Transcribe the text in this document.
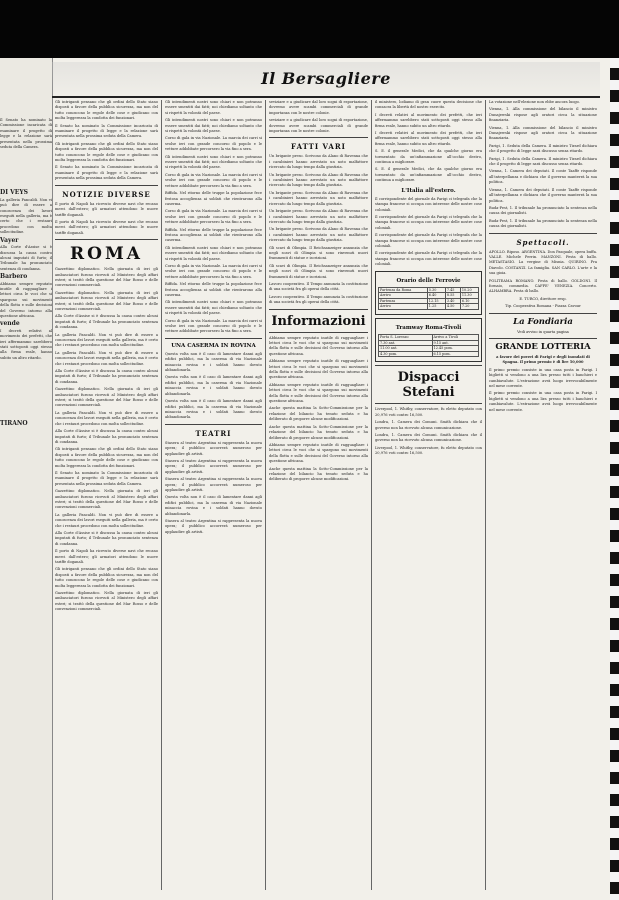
Il Senato ha nominato la Commissione incaricata di esaminare il progetto di legge e la relazione sarà presentata nella prossima seduta della Camera.

DI VEYS

La galleria Pancaldi. Non vi può dire di essere a conoscenza dei lavori eseguiti nella galleria, ma è certo che i restauri procedono con molta sollecitudine.

Vayer

Alla Corte d'Assise si è discussa la causa contro alcuni imputati di furto; il Tribunale ha pronunciato sentenza di condanna.

Barbero

Abbiamo sempre reputato inutile di ragguagliare i lettori circa le voci che si spargono sui movimenti della flotta e sulle decisioni del Governo intorno alla questione africana.

vende

I decreti relativi al movimento dei prefetti, che ieri affermammo sarebbero stati sottoposti oggi stesso alla firma reale, hanno subito un altro ritardo.

TIRANO

Il Bersagliere

Gli intriganti pensano che gli ordini dello Stato siano disposti a favore della pubblica sicurezza, ma non del tutto conoscono le regole delle cose e giudicano con molta leggerezza la condotta dei funzionari.

Il Senato ha nominato la Commissione incaricata di esaminare il progetto di legge e la relazione sarà presentata nella prossima seduta della Camera.

Gli intriganti pensano che gli ordini dello Stato siano disposti a favore della pubblica sicurezza, ma non del tutto conoscono le regole delle cose e giudicano con molta leggerezza la condotta dei funzionari.

Il Senato ha nominato la Commissione incaricata di esaminare il progetto di legge e la relazione sarà presentata nella prossima seduta della Camera.

NOTIZIE DIVERSE

Il porto di Napoli ha ricevuto diverse navi che recano merci dall'estero; gli armatori attendono le nuove tariffe doganali.

Il porto di Napoli ha ricevuto diverse navi che recano merci dall'estero; gli armatori attendono le nuove tariffe doganali.

ROMA

Gazzettino diplomatico. Nella giornata di ieri gli ambasciatori furono ricevuti al Ministero degli affari esteri; si trattò della questione del Mar Rosso e delle convenzioni commerciali.

Gazzettino diplomatico. Nella giornata di ieri gli ambasciatori furono ricevuti al Ministero degli affari esteri; si trattò della questione del Mar Rosso e delle convenzioni commerciali.

Alla Corte d'Assise si è discussa la causa contro alcuni imputati di furto; il Tribunale ha pronunciato sentenza di condanna.

La galleria Pancaldi. Non vi può dire di essere a conoscenza dei lavori eseguiti nella galleria, ma è certo che i restauri procedono con molta sollecitudine.

La galleria Pancaldi. Non vi può dire di essere a conoscenza dei lavori eseguiti nella galleria, ma è certo che i restauri procedono con molta sollecitudine.

Alla Corte d'Assise si è discussa la causa contro alcuni imputati di furto; il Tribunale ha pronunciato sentenza di condanna.

Gazzettino diplomatico. Nella giornata di ieri gli ambasciatori furono ricevuti al Ministero degli affari esteri; si trattò della questione del Mar Rosso e delle convenzioni commerciali.

La galleria Pancaldi. Non vi può dire di essere a conoscenza dei lavori eseguiti nella galleria, ma è certo che i restauri procedono con molta sollecitudine.

Alla Corte d'Assise si è discussa la causa contro alcuni imputati di furto; il Tribunale ha pronunciato sentenza di condanna.

Gli intriganti pensano che gli ordini dello Stato siano disposti a favore della pubblica sicurezza, ma non del tutto conoscono le regole delle cose e giudicano con molta leggerezza la condotta dei funzionari.

Il Senato ha nominato la Commissione incaricata di esaminare il progetto di legge e la relazione sarà presentata nella prossima seduta della Camera.

Gazzettino diplomatico. Nella giornata di ieri gli ambasciatori furono ricevuti al Ministero degli affari esteri; si trattò della questione del Mar Rosso e delle convenzioni commerciali.

La galleria Pancaldi. Non vi può dire di essere a conoscenza dei lavori eseguiti nella galleria, ma è certo che i restauri procedono con molta sollecitudine.

Alla Corte d'Assise si è discussa la causa contro alcuni imputati di furto; il Tribunale ha pronunciato sentenza di condanna.

Il porto di Napoli ha ricevuto diverse navi che recano merci dall'estero; gli armatori attendono le nuove tariffe doganali.

Gli intriganti pensano che gli ordini dello Stato siano disposti a favore della pubblica sicurezza, ma non del tutto conoscono le regole delle cose e giudicano con molta leggerezza la condotta dei funzionari.

Gazzettino diplomatico. Nella giornata di ieri gli ambasciatori furono ricevuti al Ministero degli affari esteri; si trattò della questione del Mar Rosso e delle convenzioni commerciali.

Gli intendimenti nostri sono chiari e non potranno essere smentiti dai fatti; noi chiediamo soltanto che si rispetti la volontà del paese.

Gli intendimenti nostri sono chiari e non potranno essere smentiti dai fatti; noi chiediamo soltanto che si rispetti la volontà del paese.

Corso di gala in via Nazionale. La marcia dei carri si svolse ieri con grande concorso di popolo e le vetture addobbate percorsero la via fino a sera.

Gli intendimenti nostri sono chiari e non potranno essere smentiti dai fatti; noi chiediamo soltanto che si rispetti la volontà del paese.

Corso di gala in via Nazionale. La marcia dei carri si svolse ieri con grande concorso di popolo e le vetture addobbate percorsero la via fino a sera.

Biffida. Nel ritorno delle truppe la popolazione fece festosa accoglienza ai soldati che rientrarono alla caserma.

Corso di gala in via Nazionale. La marcia dei carri si svolse ieri con grande concorso di popolo e le vetture addobbate percorsero la via fino a sera.

Biffida. Nel ritorno delle truppe la popolazione fece festosa accoglienza ai soldati che rientrarono alla caserma.

Gli intendimenti nostri sono chiari e non potranno essere smentiti dai fatti; noi chiediamo soltanto che si rispetti la volontà del paese.

Corso di gala in via Nazionale. La marcia dei carri si svolse ieri con grande concorso di popolo e le vetture addobbate percorsero la via fino a sera.

Biffida. Nel ritorno delle truppe la popolazione fece festosa accoglienza ai soldati che rientrarono alla caserma.

Gli intendimenti nostri sono chiari e non potranno essere smentiti dai fatti; noi chiediamo soltanto che si rispetti la volontà del paese.

Corso di gala in via Nazionale. La marcia dei carri si svolse ieri con grande concorso di popolo e le vetture addobbate percorsero la via fino a sera.

UNA CASERMA IN ROVINA

Questa volta non è il caso di lamentare danni agli edifici pubblici, ma la caserma di via Nazionale minaccia rovina e i soldati hanno dovuto abbandonarla.

Questa volta non è il caso di lamentare danni agli edifici pubblici, ma la caserma di via Nazionale minaccia rovina e i soldati hanno dovuto abbandonarla.

Questa volta non è il caso di lamentare danni agli edifici pubblici, ma la caserma di via Nazionale minaccia rovina e i soldati hanno dovuto abbandonarla.

TEATRI

Stasera al teatro Argentina si rappresenta la nuova opera; il pubblico accorrerà numeroso per applaudire gli artisti.

Stasera al teatro Argentina si rappresenta la nuova opera; il pubblico accorrerà numeroso per applaudire gli artisti.

Stasera al teatro Argentina si rappresenta la nuova opera; il pubblico accorrerà numeroso per applaudire gli artisti.

Questa volta non è il caso di lamentare danni agli edifici pubblici, ma la caserma di via Nazionale minaccia rovina e i soldati hanno dovuto abbandonarla.

Stasera al teatro Argentina si rappresenta la nuova opera; il pubblico accorrerà numeroso per applaudire gli artisti.

seviziare e a giudicare dal loro sogni di esportazione, dovremo avere scambi commerciali di grande importanza con le nostre colonie.

seviziare e a giudicare dal loro sogni di esportazione, dovremo avere scambi commerciali di grande importanza con le nostre colonie.

FATTI VARI

Un brigante preso. Scrivono da Alano di Ravenna che i carabinieri hanno arrestato un noto malfattore ricercato da lungo tempo dalla giustizia.

Un brigante preso. Scrivono da Alano di Ravenna che i carabinieri hanno arrestato un noto malfattore ricercato da lungo tempo dalla giustizia.

Un brigante preso. Scrivono da Alano di Ravenna che i carabinieri hanno arrestato un noto malfattore ricercato da lungo tempo dalla giustizia.

Un brigante preso. Scrivono da Alano di Ravenna che i carabinieri hanno arrestato un noto malfattore ricercato da lungo tempo dalla giustizia.

Un brigante preso. Scrivono da Alano di Ravenna che i carabinieri hanno arrestato un noto malfattore ricercato da lungo tempo dalla giustizia.

Gli scavi di Olimpia. Il Reichsanzeiger annunzia che negli scavi di Olimpia si sono rinvenuti nuovi frammenti di statue e iscrizioni.

Gli scavi di Olimpia. Il Reichsanzeiger annunzia che negli scavi di Olimpia si sono rinvenuti nuovi frammenti di statue e iscrizioni.

Lavoro cooperativo. Il Tempo annunzia la costituzione di una società fra gli operai della città.

Lavoro cooperativo. Il Tempo annunzia la costituzione di una società fra gli operai della città.

Informazioni

Abbiamo sempre reputato inutile di ragguagliare i lettori circa le voci che si spargono sui movimenti della flotta e sulle decisioni del Governo intorno alla questione africana.

Abbiamo sempre reputato inutile di ragguagliare i lettori circa le voci che si spargono sui movimenti della flotta e sulle decisioni del Governo intorno alla questione africana.

Abbiamo sempre reputato inutile di ragguagliare i lettori circa le voci che si spargono sui movimenti della flotta e sulle decisioni del Governo intorno alla questione africana.

Anche questa mattina la Sotto-Commissione per la relazione del bilancio ha tenuto seduta e ha deliberato di proporre alcune modificazioni.

Anche questa mattina la Sotto-Commissione per la relazione del bilancio ha tenuto seduta e ha deliberato di proporre alcune modificazioni.

Abbiamo sempre reputato inutile di ragguagliare i lettori circa le voci che si spargono sui movimenti della flotta e sulle decisioni del Governo intorno alla questione africana.

Anche questa mattina la Sotto-Commissione per la relazione del bilancio ha tenuto seduta e ha deliberato di proporre alcune modificazioni.

il ministero, lodiamo di gran cuore questa decisione che consacra la libertà del nostro esercito.

I decreti relativi al movimento dei prefetti, che ieri affermammo sarebbero stati sottoposti oggi stesso alla firma reale, hanno subito un altro ritardo.

I decreti relativi al movimento dei prefetti, che ieri affermammo sarebbero stati sottoposti oggi stesso alla firma reale, hanno subito un altro ritardo.

S. E. il generale Medici, che da qualche giorno era tormentato da un'infiammazione all'occhio destro, continua a migliorare.

S. E. il generale Medici, che da qualche giorno era tormentato da un'infiammazione all'occhio destro, continua a migliorare.

L'Italia all'estero.

Il corrispondente del giornale da Parigi ci telegrafa che la stampa francese si occupa con interesse delle nostre cose coloniali.

Il corrispondente del giornale da Parigi ci telegrafa che la stampa francese si occupa con interesse delle nostre cose coloniali.

Il corrispondente del giornale da Parigi ci telegrafa che la stampa francese si occupa con interesse delle nostre cose coloniali.

Il corrispondente del giornale da Parigi ci telegrafa che la stampa francese si occupa con interesse delle nostre cose coloniali.

Orario delle Ferrovie
Partenza da Roma	5.30	7.45	10.20
Arrivo	6.40	8.55	11.30
Partenza	12.15	3.40	6.10
Arrivo	1.25	4.50	7.20
Tramway Roma-Tivoli
Porta S. Lorenzo	Arrivo a Tivoli
7.30 ant.	9.15 ant.
11.00 ant.	12.45 pom.
4.30 pom.	6.15 pom.
Dispacci Stefani

Liverpool, 1. Whitby, conservatore, fu eletto deputato con 20,976 voti contro 16,500.

Londra, 1. Camera dei Comuni. Smith dichiara che il governo non ha ricevuto alcuna comunicazione.

Londra, 1. Camera dei Comuni. Smith dichiara che il governo non ha ricevuto alcuna comunicazione.

Liverpool, 1. Whitby, conservatore, fu eletto deputato con 20,976 voti contro 16,500.

La votazione nell'elezione non ebbe ancora luogo.

Vienna, 1. Alla commissione del bilancio il ministro Dunajewski rispose agli oratori circa la situazione finanziaria.

Vienna, 1. Alla commissione del bilancio il ministro Dunajewski rispose agli oratori circa la situazione finanziaria.

Parigi, 1. Seduta della Camera. Il ministro Tirard dichiara che il progetto di legge sarà discusso senza ritardo.

Parigi, 1. Seduta della Camera. Il ministro Tirard dichiara che il progetto di legge sarà discusso senza ritardo.

Vienna, 1. Camera dei deputati. Il conte Taaffe risponde all'interpellanza e dichiara che il governo manterrà la sua politica.

Vienna, 1. Camera dei deputati. Il conte Taaffe risponde all'interpellanza e dichiara che il governo manterrà la sua politica.

Buda-Pest, 1. Il tribunale ha pronunciato la sentenza nella causa dei giornalisti.

Buda-Pest, 1. Il tribunale ha pronunciato la sentenza nella causa dei giornalisti.

Spettacoli.

APOLLO. Riposo. ARGENTINA. Don Pasquale, opera buffa. VALLE. Michele Perrin. MANZONI. Festa di ballo. METASTASIO. La vergine di Misnia. QUIRINO. Fra Diavolo. COSTANZI. La famiglia. SAN CARLO. L'arte e la sua gioia.

POLITEAMA ROMANO. Festa di ballo. GOLDONI. Il fornaio, commedia. CAFFE' VENEZIA. Concerto. ALHAMBRA. Festa di ballo.

E. TURCO, direttore resp.

Tip. Cooperativa Romana - Piazza Cavour

La Fondiaria

Vedi avviso in quarta pagina

GRANDE LOTTERIA

a favore dei poveri di Parigi e degli inondati di Spagna. Il primo premio è di lire 50,000

Il primo premio consiste in una casa posta in Parigi. I biglietti si vendono a una lira presso tutti i banchieri e cambiavalute. L'estrazione avrà luogo irrevocabilmente nel mese corrente.

Il primo premio consiste in una casa posta in Parigi. I biglietti si vendono a una lira presso tutti i banchieri e cambiavalute. L'estrazione avrà luogo irrevocabilmente nel mese corrente.
